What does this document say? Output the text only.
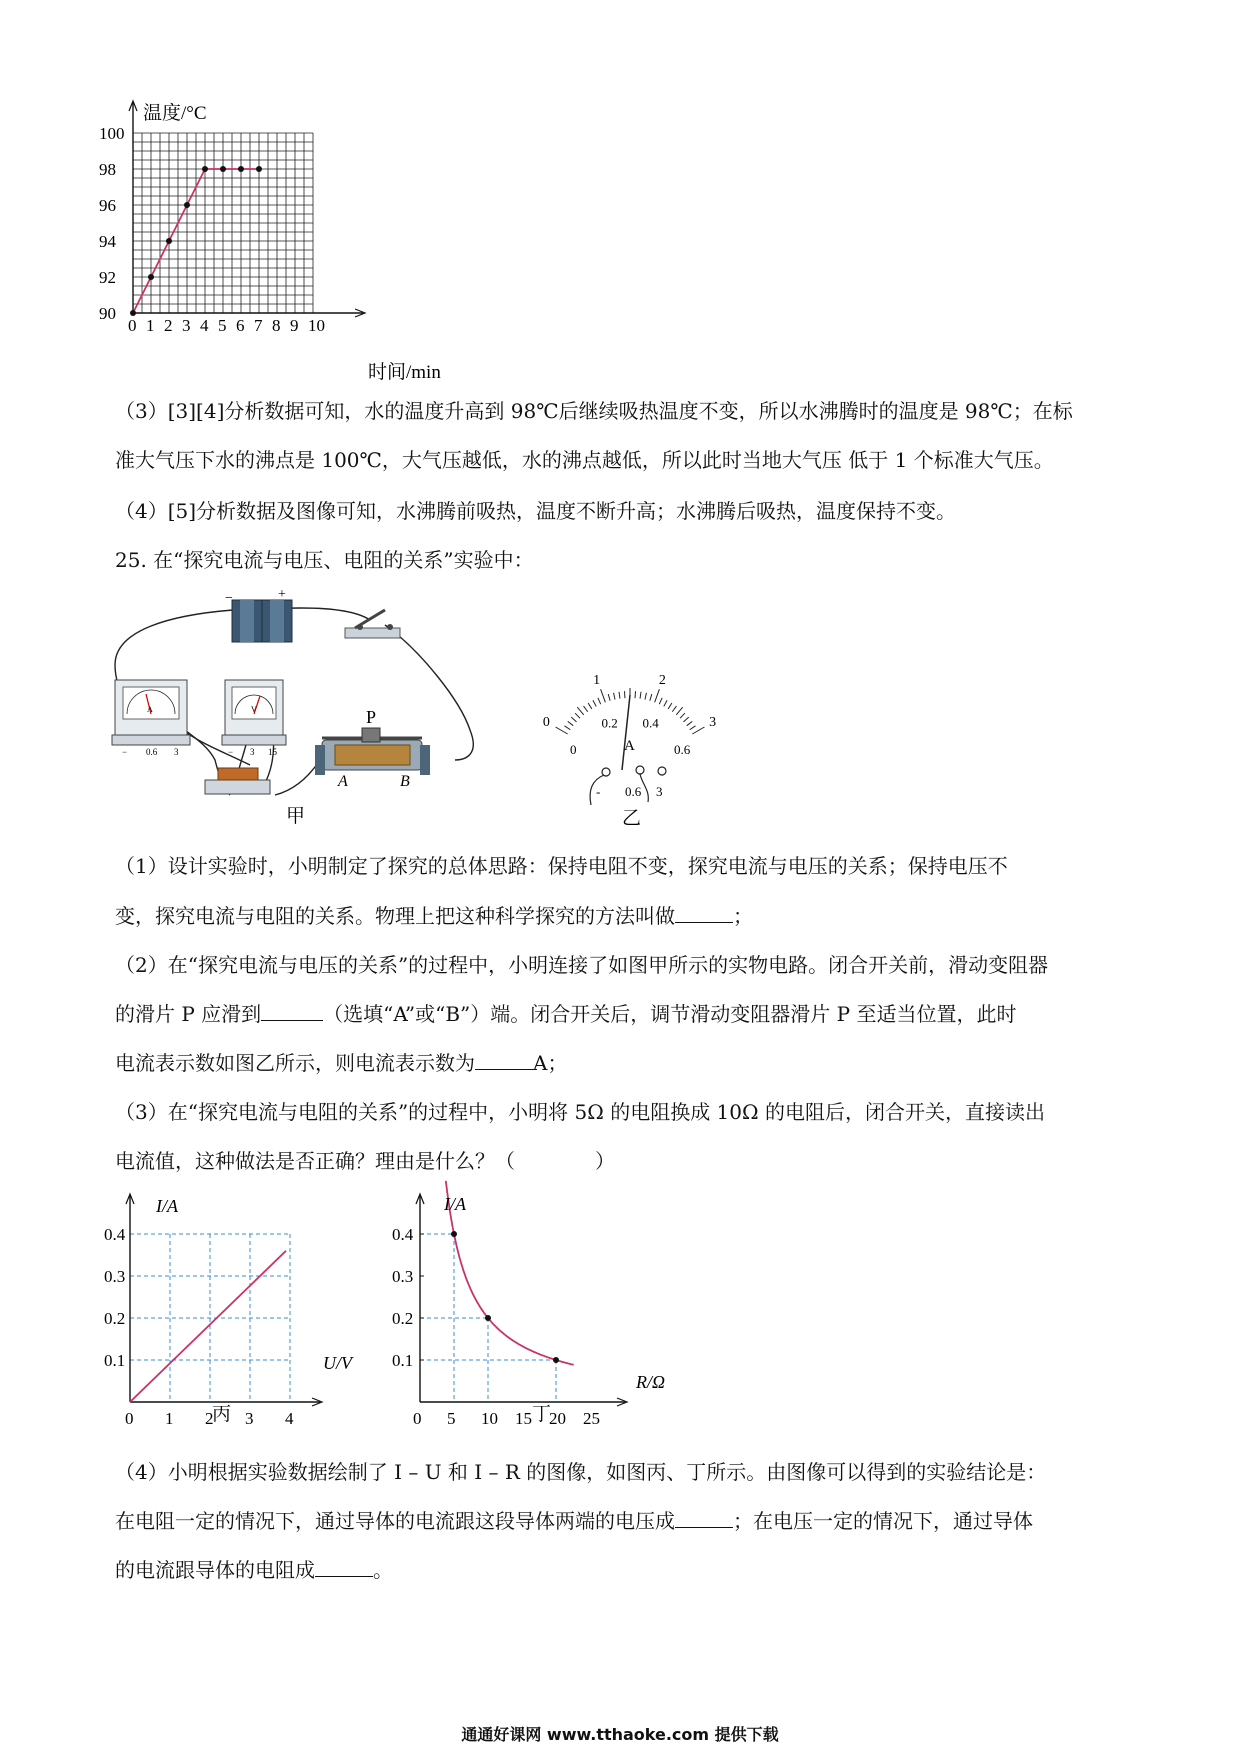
100
98
96
94
92
90
0 1 2 3 4 5 6 7 8 9 10
温度/°C
时间/min
（3）[3][4]分析数据可知，水的温度升高到 98℃后继续吸热温度不变，所以水沸腾时的温度是 98℃；在标
准大气压下水的沸点是 100℃，大气压越低，水的沸点越低，所以此时当地大气压 低于 1 个标准大气压。
（4）[5]分析数据及图像可知，水沸腾前吸热，温度不断升高；水沸腾后吸热，温度保持不变。
25. 在“探究电流与电压、电阻的关系”实验中：
−	+
A
− 0.6 3
V
− 3 15
P
A	B
甲
0
1	2
3
0
0.2 0.4
0.6
A
- 0.6 3
乙
（1）设计实验时，小明制定了探究的总体思路：保持电阻不变，探究电流与电压的关系；保持电压不
变，探究电流与电阻的关系。物理上把这种科学探究的方法叫做	；
（2）在“探究电流与电压的关系”的过程中，小明连接了如图甲所示的实物电路。闭合开关前，滑动变阻器
的滑片 P 应滑到	（选填“A”或“B”）端。闭合开关后，调节滑动变阻器滑片 P 至适当位置，此时
电流表示数如图乙所示，则电流表示数为	A；
（3）在“探究电流与电阻的关系”的过程中，小明将 5Ω 的电阻换成 10Ω 的电阻后，闭合开关，直接读出
电流值，这种做法是否正确？理由是什么？（　　　　）
0.4
0.3
0.2
0.1
0 1 2 3 4
I/A
U/V
丙
0.4
0.3
0.2
0.1
0 5 10 15 20 25
I/A
R/Ω
丁
（4）小明根据实验数据绘制了 I – U 和 I – R 的图像，如图丙、丁所示。由图像可以得到的实验结论是：
在电阻一定的情况下，通过导体的电流跟这段导体两端的电压成	；在电压一定的情况下，通过导体
的电流跟导体的电阻成	。
通通好课网 www.tthaoke.com 提供下载
